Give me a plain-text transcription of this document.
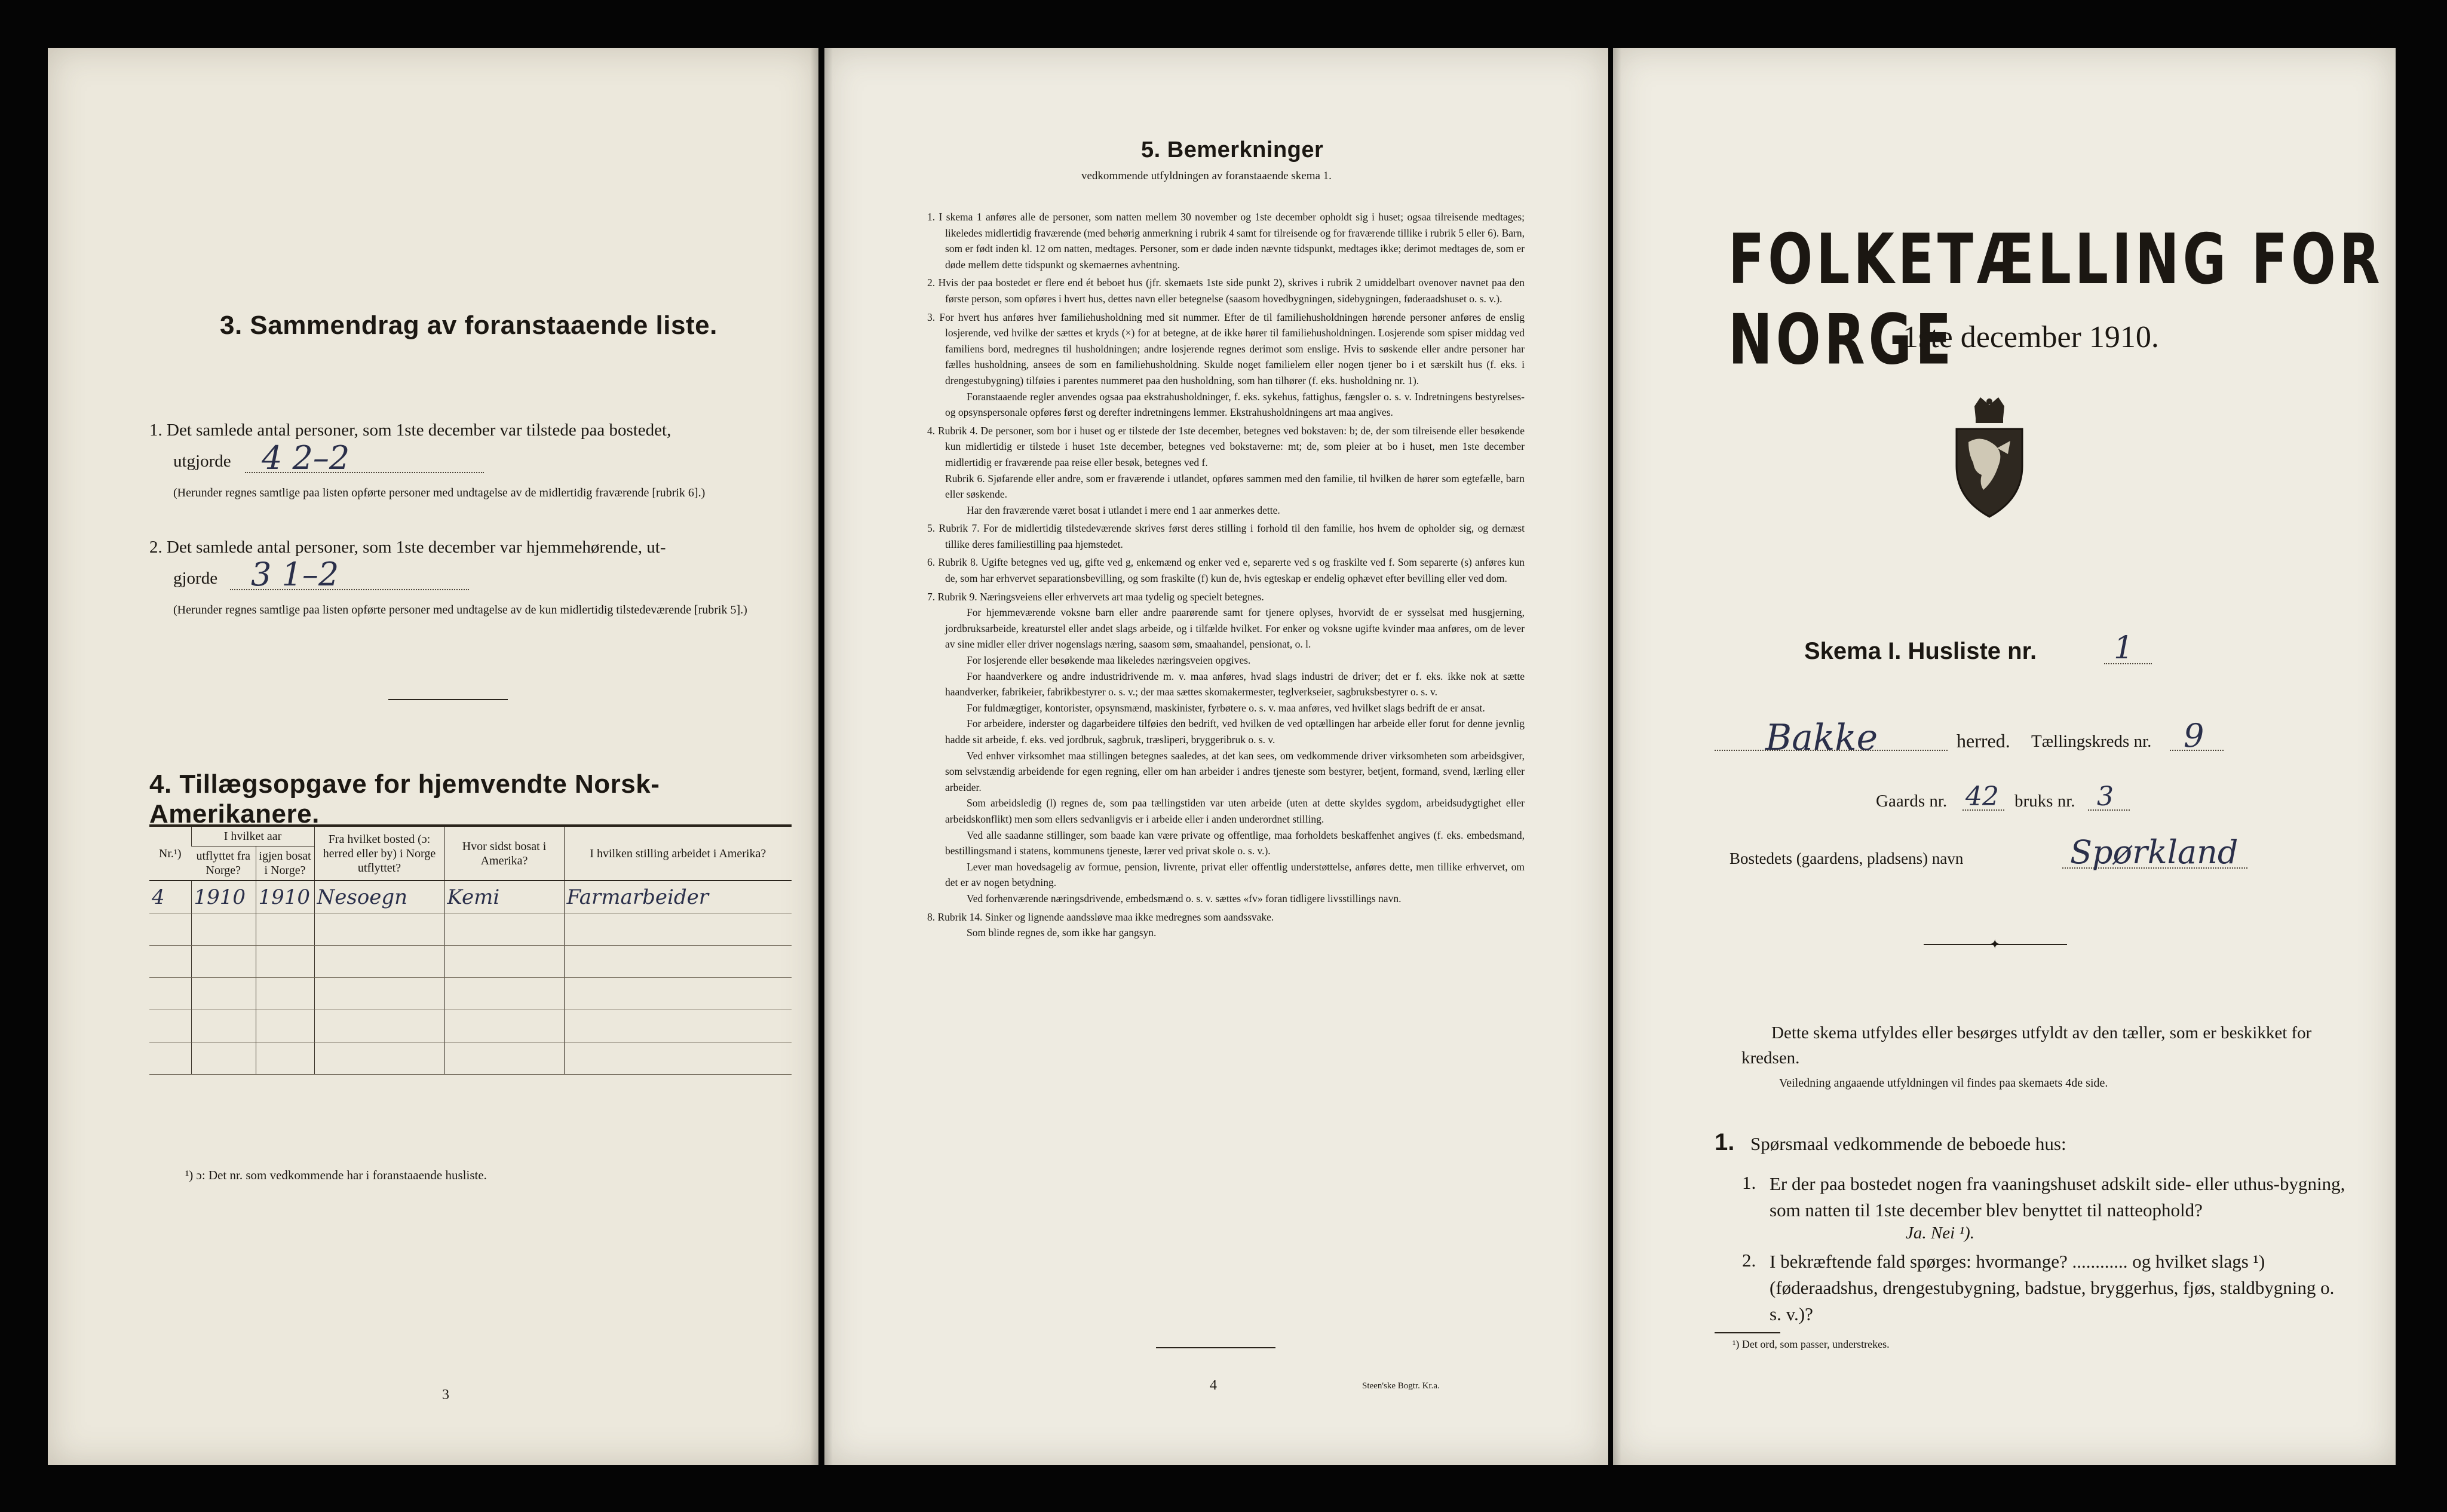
3. Sammendrag av foranstaaende liste.
1. Det samlede antal personer, som 1ste december var tilstede paa bostedet,
utgjorde 4 2–2
(Herunder regnes samtlige paa listen opførte personer med undtagelse av de midlertidig fraværende [rubrik 6].)
2. Det samlede antal personer, som 1ste december var hjemmehørende, ut-
gjorde 3 1–2
(Herunder regnes samtlige paa listen opførte personer med undtagelse av de kun midlertidig tilstedeværende [rubrik 5].)
4. Tillægsopgave for hjemvendte Norsk-Amerikanere.
Nr.¹)	I hvilket aar		Fra hvilket bosted (ɔ: herred eller by) i Norge utflyttet?	Hvor sidst bosat i Amerika?	I hvilken stilling arbeidet i Amerika?
	utflyttet fra Norge?	igjen bosat i Norge?			
4	1910	1910	Nesoegn	Kemi	Farmarbeider

¹) ɔ: Det nr. som vedkommende har i foranstaaende husliste.
3
5. Bemerkninger
vedkommende utfyldningen av foranstaaende skema 1.

1. I skema 1 anføres alle de personer, som natten mellem 30 november og 1ste december opholdt sig i huset; ogsaa tilreisende medtages; likeledes midlertidig fraværende (med behørig anmerkning i rubrik 4 samt for tilreisende og for fraværende tillike i rubrik 5 eller 6). Barn, som er født inden kl. 12 om natten, medtages. Personer, som er døde inden nævnte tidspunkt, medtages ikke; derimot medtages de, som er døde mellem dette tidspunkt og skemaernes avhentning.

2. Hvis der paa bostedet er flere end ét beboet hus (jfr. skemaets 1ste side punkt 2), skrives i rubrik 2 umiddelbart ovenover navnet paa den første person, som opføres i hvert hus, dettes navn eller betegnelse (saasom hovedbygningen, sidebygningen, føderaadshuset o. s. v.).

3. For hvert hus anføres hver familiehusholdning med sit nummer. Efter de til familiehusholdningen hørende personer anføres de enslig losjerende, ved hvilke der sættes et kryds (×) for at betegne, at de ikke hører til familiehusholdningen. Losjerende som spiser middag ved familiens bord, medregnes til husholdningen; andre losjerende regnes derimot som enslige. Hvis to søskende eller andre personer har fælles husholdning, ansees de som en familiehusholdning. Skulde noget familielem eller nogen tjener bo i et særskilt hus (f. eks. i drengestubygning) tilføies i parentes nummeret paa den husholdning, som han tilhører (f. eks. husholdning nr. 1).

Foranstaaende regler anvendes ogsaa paa ekstrahusholdninger, f. eks. sykehus, fattighus, fængsler o. s. v. Indretningens bestyrelses- og opsynspersonale opføres først og derefter indretningens lemmer. Ekstrahusholdningens art maa angives.

4. Rubrik 4. De personer, som bor i huset og er tilstede der 1ste december, betegnes ved bokstaven: b; de, der som tilreisende eller besøkende kun midlertidig er tilstede i huset 1ste december, betegnes ved bokstaverne: mt; de, som pleier at bo i huset, men 1ste december midlertidig er fraværende paa reise eller besøk, betegnes ved f.

Rubrik 6. Sjøfarende eller andre, som er fraværende i utlandet, opføres sammen med den familie, til hvilken de hører som egtefælle, barn eller søskende.

Har den fraværende været bosat i utlandet i mere end 1 aar anmerkes dette.

5. Rubrik 7. For de midlertidig tilstedeværende skrives først deres stilling i forhold til den familie, hos hvem de opholder sig, og dernæst tillike deres familiestilling paa hjemstedet.

6. Rubrik 8. Ugifte betegnes ved ug, gifte ved g, enkemænd og enker ved e, separerte ved s og fraskilte ved f. Som separerte (s) anføres kun de, som har erhvervet separationsbevilling, og som fraskilte (f) kun de, hvis egteskap er endelig ophævet efter bevilling eller ved dom.

7. Rubrik 9. Næringsveiens eller erhvervets art maa tydelig og specielt betegnes.

For hjemmeværende voksne barn eller andre paarørende samt for tjenere oplyses, hvorvidt de er sysselsat med husgjerning, jordbruksarbeide, kreaturstel eller andet slags arbeide, og i tilfælde hvilket. For enker og voksne ugifte kvinder maa anføres, om de lever av sine midler eller driver nogenslags næring, saasom søm, smaahandel, pensionat, o. l.

For losjerende eller besøkende maa likeledes næringsveien opgives.

For haandverkere og andre industridrivende m. v. maa anføres, hvad slags industri de driver; det er f. eks. ikke nok at sætte haandverker, fabrikeier, fabrikbestyrer o. s. v.; der maa sættes skomakermester, teglverkseier, sagbruksbestyrer o. s. v.

For fuldmægtiger, kontorister, opsynsmænd, maskinister, fyrbøtere o. s. v. maa anføres, ved hvilket slags bedrift de er ansat.

For arbeidere, inderster og dagarbeidere tilføies den bedrift, ved hvilken de ved optællingen har arbeide eller forut for denne jevnlig hadde sit arbeide, f. eks. ved jordbruk, sagbruk, træsliperi, bryggeribruk o. s. v.

Ved enhver virksomhet maa stillingen betegnes saaledes, at det kan sees, om vedkommende driver virksomheten som arbeidsgiver, som selvstændig arbeidende for egen regning, eller om han arbeider i andres tjeneste som bestyrer, betjent, formand, svend, lærling eller arbeider.

Som arbeidsledig (l) regnes de, som paa tællingstiden var uten arbeide (uten at dette skyldes sygdom, arbeidsudygtighet eller arbeidskonflikt) men som ellers sedvanligvis er i arbeide eller i anden underordnet stilling.

Ved alle saadanne stillinger, som baade kan være private og offentlige, maa forholdets beskaffenhet angives (f. eks. embedsmand, bestillingsmand i statens, kommunens tjeneste, lærer ved privat skole o. s. v.).

Lever man hovedsagelig av formue, pension, livrente, privat eller offentlig understøttelse, anføres dette, men tillike erhvervet, om det er av nogen betydning.

Ved forhenværende næringsdrivende, embedsmænd o. s. v. sættes «fv» foran tidligere livsstillings navn.

8. Rubrik 14. Sinker og lignende aandssløve maa ikke medregnes som aandssvake.

Som blinde regnes de, som ikke har gangsyn.

4	Steen'ske Bogtr. Kr.a.
FOLKETÆLLING FOR NORGE
1ste december 1910.
Skema I. Husliste nr. 1
Bakke	herred. Tællingskreds nr. 9
Gaards nr. 42 bruks nr. 3
Bostedets (gaardens, pladsens) navn	Spørkland
✦
Dette skema utfyldes eller besørges utfyldt av den tæller, som er beskikket for kredsen.
Veiledning angaaende utfyldningen vil findes paa skemaets 4de side.
1. Spørsmaal vedkommende de beboede hus:
1. Er der paa bostedet nogen fra vaaningshuset adskilt side- eller uthus-bygning, som natten til 1ste december blev benyttet til natteophold?
Ja. Nei ¹).
2. I bekræftende fald spørges: hvormange? ............ og hvilket slags ¹) (føderaadshus, drengestubygning, badstue, bryggerhus, fjøs, staldbygning o. s. v.)?
¹) Det ord, som passer, understrekes.
